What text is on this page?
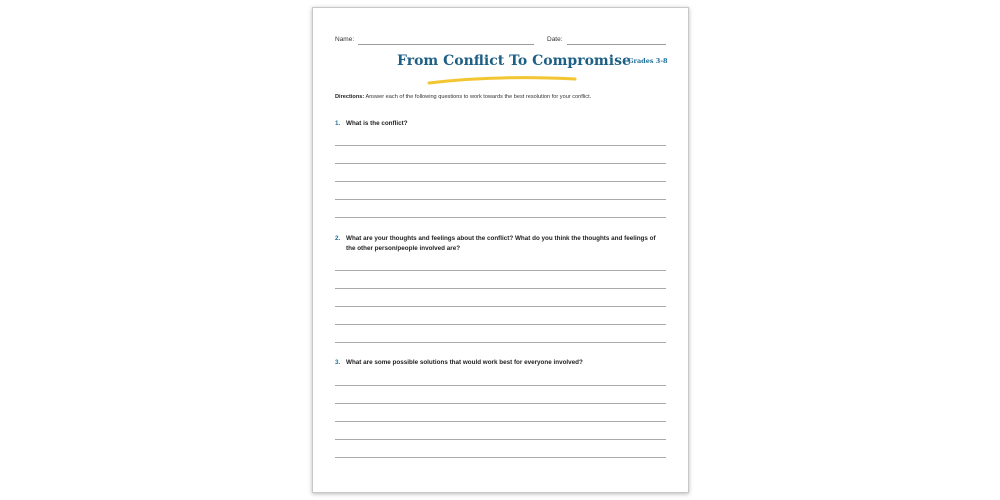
Name:	Date:
From Conflict To Compromise
Grades 3-8
Directions: Answer each of the following questions to work towards the best resolution for your conflict.
1. What is the conflict?
2. What are your thoughts and feelings about the conflict? What do you think the thoughts and feelings of the other person/people involved are?
3. What are some possible solutions that would work best for everyone involved?
